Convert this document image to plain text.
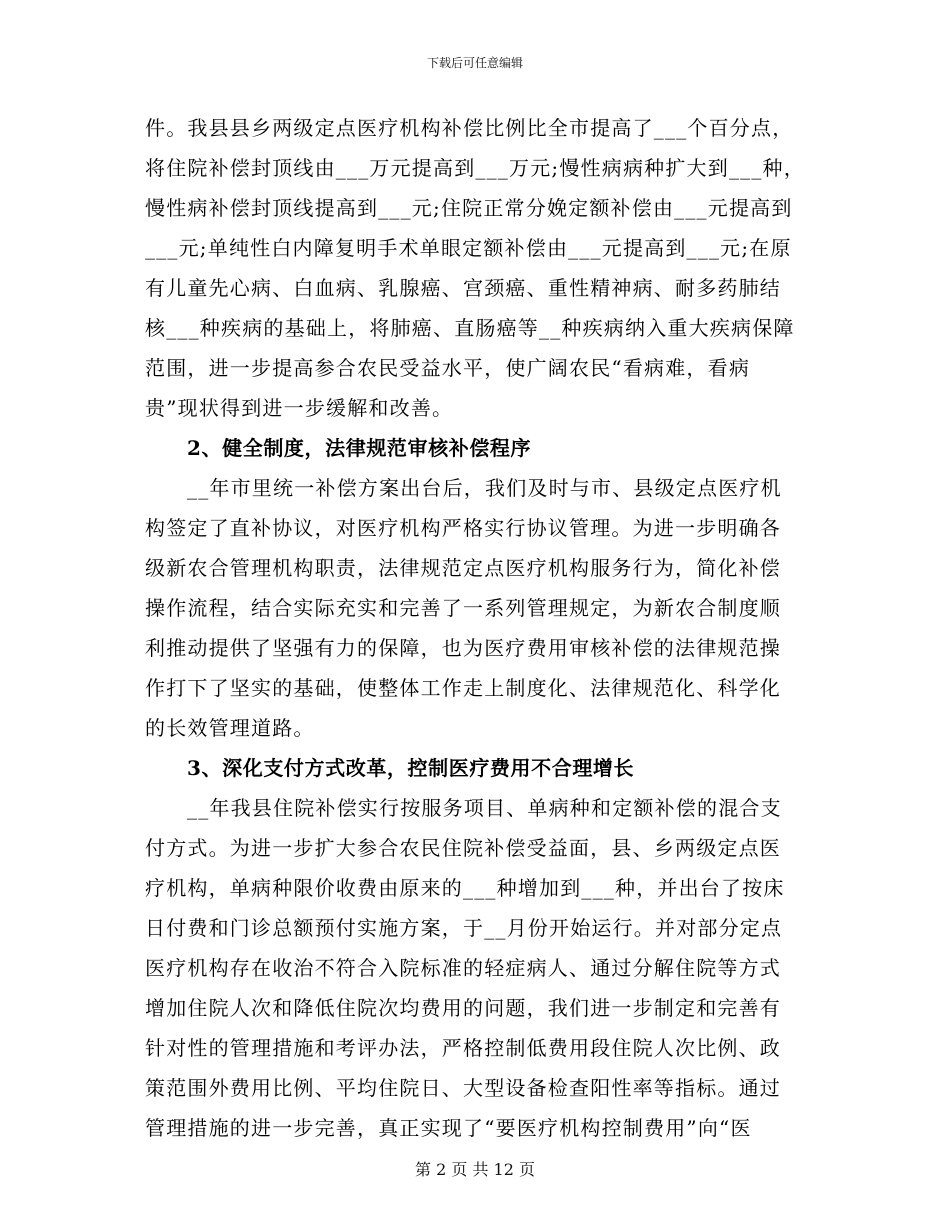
下载后可任意编辑
件。我县县乡两级定点医疗机构补偿比例比全市提高了___个百分点，
将住院补偿封顶线由___万元提高到___万元;慢性病病种扩大到___种，
慢性病补偿封顶线提高到___元;住院正常分娩定额补偿由___元提高到
___元;单纯性白内障复明手术单眼定额补偿由___元提高到___元;在原
有儿童先心病、白血病、乳腺癌、宫颈癌、重性精神病、耐多药肺结
核___种疾病的基础上，将肺癌、直肠癌等__种疾病纳入重大疾病保障
范围，进一步提高参合农民受益水平，使广阔农民“看病难，看病
贵”现状得到进一步缓解和改善。
2、健全制度，法律规范审核补偿程序
__年市里统一补偿方案出台后，我们及时与市、县级定点医疗机
构签定了直补协议，对医疗机构严格实行协议管理。为进一步明确各
级新农合管理机构职责，法律规范定点医疗机构服务行为，简化补偿
操作流程，结合实际充实和完善了一系列管理规定，为新农合制度顺
利推动提供了坚强有力的保障，也为医疗费用审核补偿的法律规范操
作打下了坚实的基础，使整体工作走上制度化、法律规范化、科学化
的长效管理道路。
3、深化支付方式改革，控制医疗费用不合理增长
__年我县住院补偿实行按服务项目、单病种和定额补偿的混合支
付方式。为进一步扩大参合农民住院补偿受益面，县、乡两级定点医
疗机构，单病种限价收费由原来的___种增加到___种，并出台了按床
日付费和门诊总额预付实施方案，于__月份开始运行。并对部分定点
医疗机构存在收治不符合入院标准的轻症病人、通过分解住院等方式
增加住院人次和降低住院次均费用的问题，我们进一步制定和完善有
针对性的管理措施和考评办法，严格控制低费用段住院人次比例、政
策范围外费用比例、平均住院日、大型设备检查阳性率等指标。通过
管理措施的进一步完善，真正实现了“要医疗机构控制费用”向“医
第 2 页 共 12 页
